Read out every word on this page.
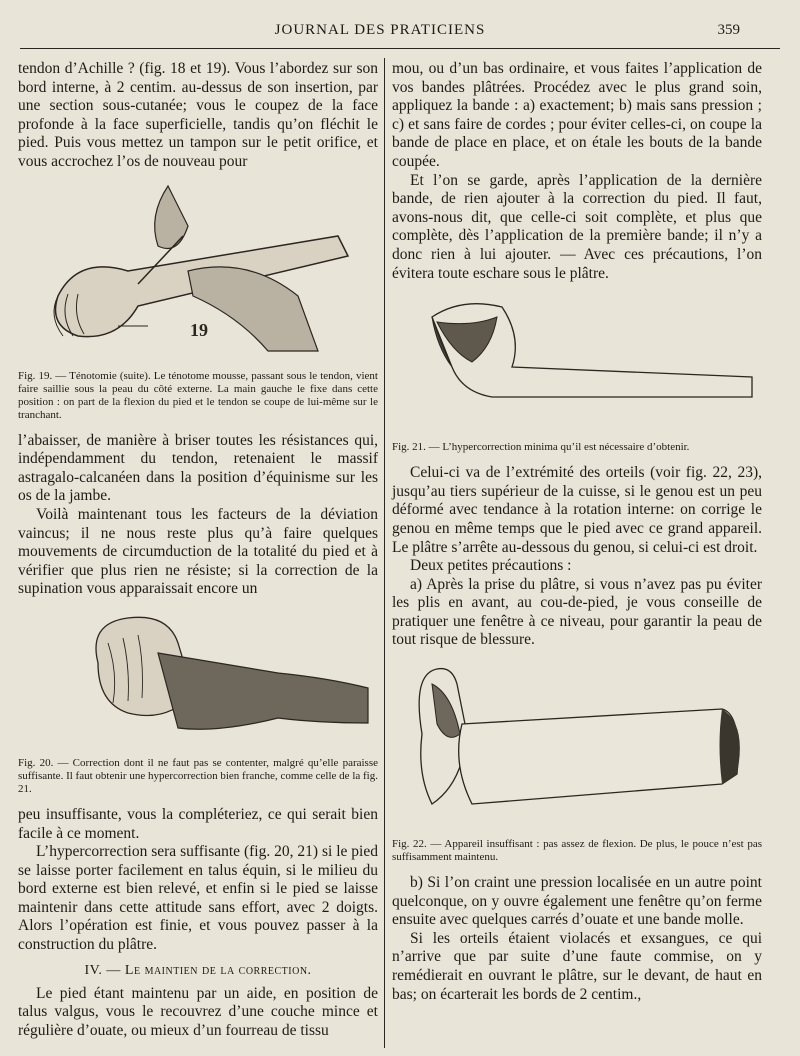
JOURNAL DES PRATICIENS	359

tendon d’Achille ? (fig. 18 et 19). Vous l’abordez sur son bord interne, à 2 centim. au-dessus de son insertion, par une section sous-cutanée; vous le coupez de la face profonde à la face superficielle, tandis qu’on fléchit le pied. Puis vous mettez un tampon sur le petit orifice, et vous accrochez l’os de nouveau pour

19
Fig. 19. — Ténotomie (suite). Le ténotome mousse, passant sous le tendon, vient faire saillie sous la peau du côté externe. La main gauche le fixe dans cette position : on part de la flexion du pied et le tendon se coupe de lui-même sur le tranchant.

l’abaisser, de manière à briser toutes les résistances qui, indépendamment du tendon, retenaient le massif astragalo-calcanéen dans la position d’équinisme sur les os de la jambe.

Voilà maintenant tous les facteurs de la déviation vaincus; il ne nous reste plus qu’à faire quelques mouvements de circumduction de la totalité du pied et à vérifier que plus rien ne résiste; si la correction de la supination vous apparaissait encore un

Fig. 20. — Correction dont il ne faut pas se contenter, malgré qu’elle paraisse suffisante. Il faut obtenir une hypercorrection bien franche, comme celle de la fig. 21.

peu insuffisante, vous la compléteriez, ce qui serait bien facile à ce moment.

L’hypercorrection sera suffisante (fig. 20, 21) si le pied se laisse porter facilement en talus équin, si le milieu du bord externe est bien relevé, et enfin si le pied se laisse maintenir dans cette attitude sans effort, avec 2 doigts. Alors l’opération est finie, et vous pouvez passer à la construction du plâtre.

IV. — Le maintien de la correction.

Le pied étant maintenu par un aide, en position de talus valgus, vous le recouvrez d’une couche mince et régulière d’ouate, ou mieux d’un fourreau de tissu

mou, ou d’un bas ordinaire, et vous faites l’application de vos bandes plâtrées. Procédez avec le plus grand soin, appliquez la bande : a) exactement; b) mais sans pression ; c) et sans faire de cordes ; pour éviter celles-ci, on coupe la bande de place en place, et on étale les bouts de la bande coupée.

Et l’on se garde, après l’application de la dernière bande, de rien ajouter à la correction du pied. Il faut, avons-nous dit, que celle-ci soit complète, et plus que complète, dès l’application de la première bande; il n’y a donc rien à lui ajouter. — Avec ces précautions, l’on évitera toute eschare sous le plâtre.

Fig. 21. — L’hypercorrection minima qu’il est nécessaire d’obtenir.

Celui-ci va de l’extrémité des orteils (voir fig. 22, 23), jusqu’au tiers supérieur de la cuisse, si le genou est un peu déformé avec tendance à la rotation interne: on corrige le genou en même temps que le pied avec ce grand appareil. Le plâtre s’arrête au-dessous du genou, si celui-ci est droit.

Deux petites précautions :

a) Après la prise du plâtre, si vous n’avez pas pu éviter les plis en avant, au cou-de-pied, je vous conseille de pratiquer une fenêtre à ce niveau, pour garantir la peau de tout risque de blessure.

Fig. 22. — Appareil insuffisant : pas assez de flexion. De plus, le pouce n’est pas suffisamment maintenu.

b) Si l’on craint une pression localisée en un autre point quelconque, on y ouvre également une fenêtre qu’on ferme ensuite avec quelques carrés d’ouate et une bande molle.

Si les orteils étaient violacés et exsangues, ce qui n’arrive que par suite d’une faute commise, on y remédierait en ouvrant le plâtre, sur le devant, de haut en bas; on écarterait les bords de 2 centim.,
